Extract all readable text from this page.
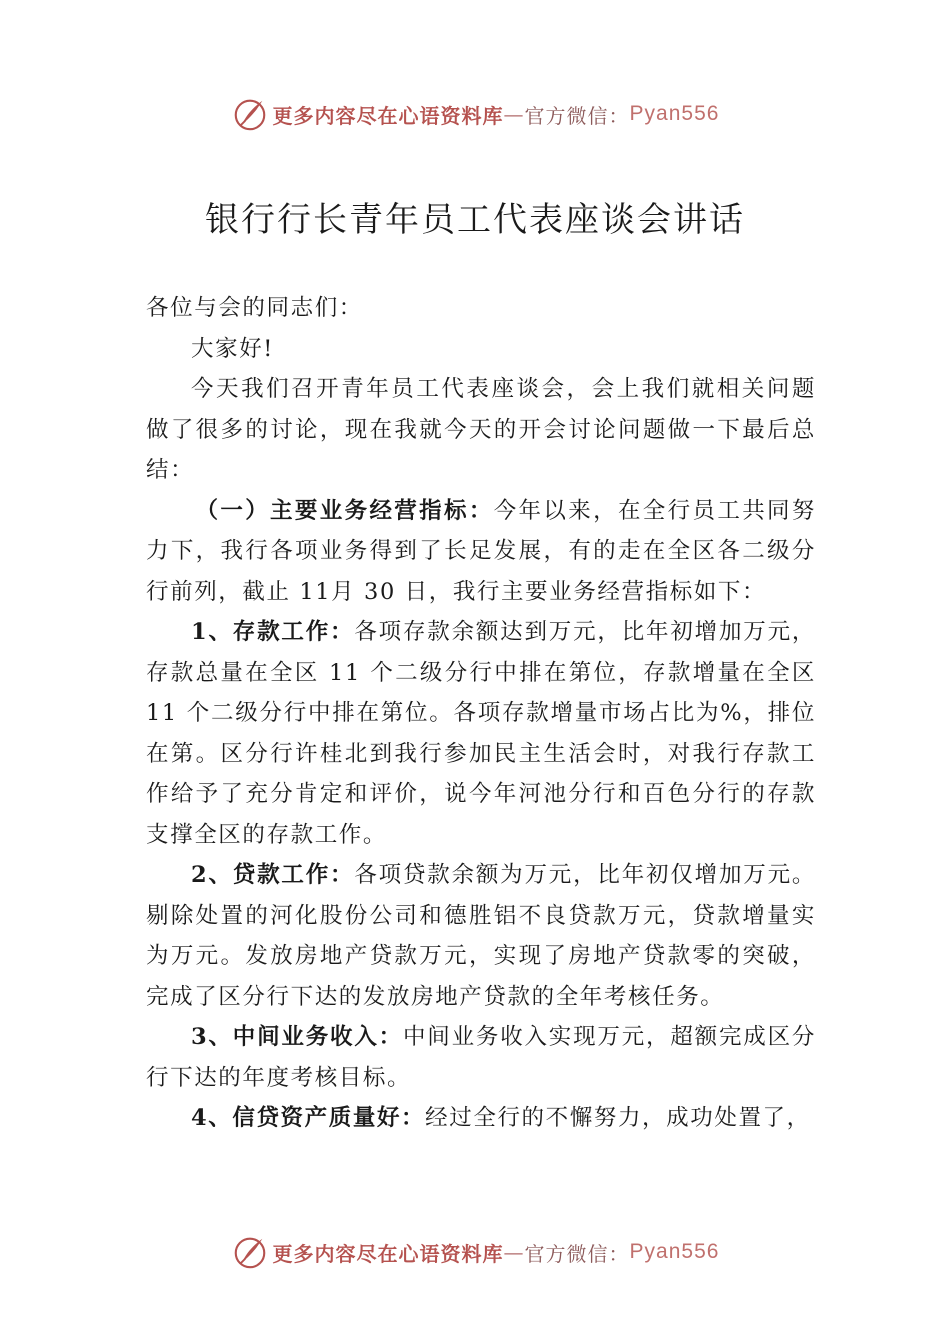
更多内容尽在心语资料库 — 官方微信： Pyan556
银行行长青年员工代表座谈会讲话

各位与会的同志们：

大家好!

今天我们召开青年员工代表座谈会，会上我们就相关问题做了很多的讨论，现在我就今天的开会讨论问题做一下最后总结：

（一）主要业务经营指标：今年以来，在全行员工共同努力下，我行各项业务得到了长足发展，有的走在全区各二级分行前列，截止 11月 30 日，我行主要业务经营指标如下：

1、存款工作：各项存款余额达到万元，比年初增加万元， 存款总量在全区 11 个二级分行中排在第位，存款增量在全区 11 个二级分行中排在第位。各项存款增量市场占比为%，排位在第。区分行许桂北到我行参加民主生活会时，对我行存款工作给予了充分肯定和评价，说今年河池分行和百色分行的存款支撑全区的存款工作。

2、贷款工作：各项贷款余额为万元，比年初仅增加万元。剔除处置的河化股份公司和德胜铝不良贷款万元，贷款增量实为万元。发放房地产贷款万元，实现了房地产贷款零的突破，完成了区分行下达的发放房地产贷款的全年考核任务。

3、中间业务收入：中间业务收入实现万元，超额完成区分行下达的年度考核目标。

4、信贷资产质量好：经过全行的不懈努力，成功处置了，

更多内容尽在心语资料库 — 官方微信： Pyan556
